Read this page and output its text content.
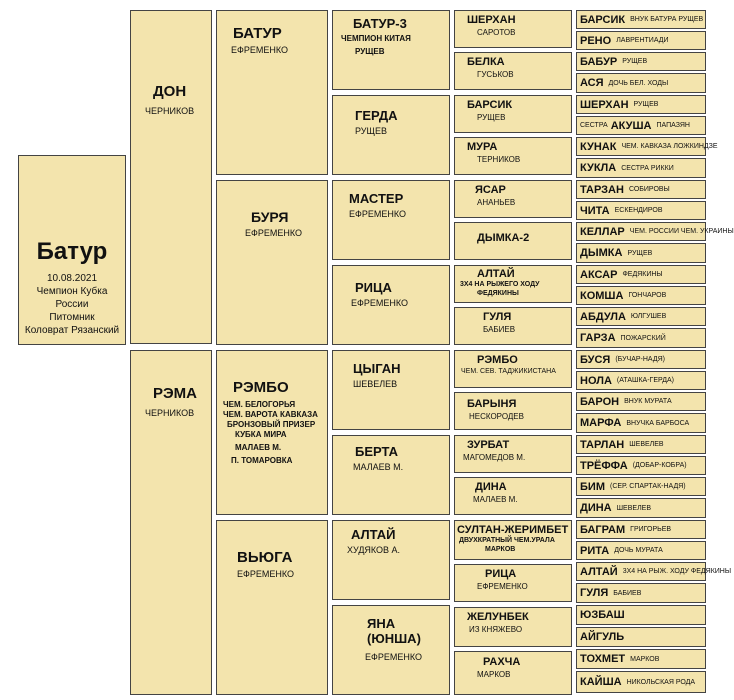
Батур
10.08.2021
Чемпион Кубка
России
Питомник
Коловрат Рязанский
ДОН
ЧЕРНИКОВ
РЭМА
ЧЕРНИКОВ
БАТУР
ЕФРЕМЕНКО
БУРЯ
ЕФРЕМЕНКО
РЭМБО
ЧЕМ. БЕЛОГОРЬЯ
ЧЕМ. ВАРОТА КАВКАЗА
БРОНЗОВЫЙ ПРИЗЕР
КУБКА МИРА
МАЛАЕВ М.
П. ТОМАРОВКА
ВЬЮГА
ЕФРЕМЕНКО
БАТУР-3
ЧЕМПИОН КИТАЯ
РУЩЕВ
ГЕРДА
РУЩЕВ
МАСТЕР
ЕФРЕМЕНКО
РИЦА
ЕФРЕМЕНКО
ЦЫГАН
ШЕВЕЛЕВ
БЕРТА
МАЛАЕВ М.
АЛТАЙ
ХУДЯКОВ А.
ЯНА (ЮНША)
ЕФРЕМЕНКО
ШЕРХАН
САРОТОВ
БЕЛКА
ГУСЬКОВ
БАРСИК
РУЩЕВ
МУРА
ТЕРНИКОВ
ЯСАР
АНАНЬЕВ
ДЫМКА-2
АЛТАЙ
3Х4 НА РЫЖЕГО ХОДУ
ФЕДЯКИНЫ
ГУЛЯ
БАБИЕВ
РЭМБО
ЧЕМ. СЕВ. ТАДЖИКИСТАНА
БАРЫНЯ
НЕСКОРОДЕВ
ЗУРБАТ
МАГОМЕДОВ М.
ДИНА
МАЛАЕВ М.
СУЛТАН-ЖЕРИМБЕТ
ДВУХКРАТНЫЙ ЧЕМ.УРАЛА
МАРКОВ
РИЦА
ЕФРЕМЕНКО
ЖЕЛУНБЕК
ИЗ КНЯЖЕВО
РАХЧА
МАРКОВ
БАРСИК ВНУК БАТУРА РУЩЕВ
РЕНО ЛАВРЕНТИАДИ
БАБУР РУЩЕВ
АСЯ ДОЧЬ БЕЛ. ХОДЫ
ШЕРХАН РУЩЕВ
СЕСТРА АКУША ПАПАЗЯН
КУНАК ЧЕМ. КАВКАЗА ЛОЖКИНДЗЕ
КУКЛА СЕСТРА РИККИ
ТАРЗАН СОБИРОВЫ
ЧИТА ЕСКЕНДИРОВ
КЕЛЛАР ЧЕМ. РОССИИ ЧЕМ. УКРАИНЫ
ДЫМКА РУЩЕВ
АКСАР ФЕДЯКИНЫ
КОМША ГОНЧАРОВ
АБДУЛА ЮЛГУШЕВ
ГАРЗА ПОЖАРСКИЙ
БУСЯ (БУЧАР-НАДЯ)
НОЛА (АТАШКА-ГЕРДА)
БАРОН ВНУК МУРАТА
МАРФА ВНУЧКА БАРБОСА
ТАРЛАН ШЕВЕЛЕВ
ТРЁФФА (ДОБАР-КОБРА)
БИМ (СЕР. СПАРТАК-НАДЯ)
ДИНА ШЕВЕЛЕВ
БАГРАМ ГРИГОРЬЕВ
РИТА ДОЧЬ МУРАТА
АЛТАЙ 3Х4 НА РЫЖ. ХОДУ ФЕДЯКИНЫ
ГУЛЯ БАБИЕВ
ЮЗБАШ
АЙГУЛЬ
ТОХМЕТ МАРКОВ
КАЙША НИКОЛЬСКАЯ РОДА
